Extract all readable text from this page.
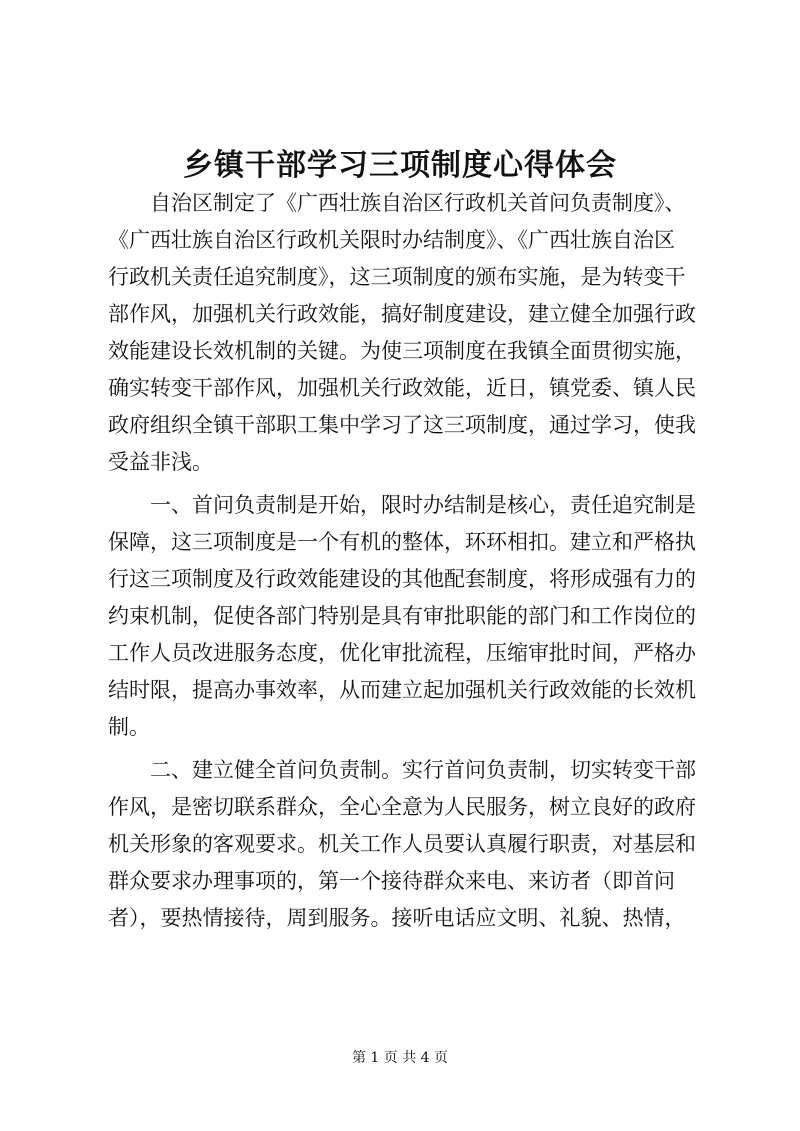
乡镇干部学习三项制度心得体会
自治区制定了《广西壮族自治区行政机关首问负责制度》、
《广西壮族自治区行政机关限时办结制度》、《广西壮族自治区
行政机关责任追究制度》，这三项制度的颁布实施，是为转变干
部作风，加强机关行政效能，搞好制度建设，建立健全加强行政
效能建设长效机制的关键。为使三项制度在我镇全面贯彻实施，
确实转变干部作风，加强机关行政效能，近日，镇党委、镇人民
政府组织全镇干部职工集中学习了这三项制度，通过学习，使我
受益非浅。
一、首问负责制是开始，限时办结制是核心，责任追究制是
保障，这三项制度是一个有机的整体，环环相扣。建立和严格执
行这三项制度及行政效能建设的其他配套制度，将形成强有力的
约束机制，促使各部门特别是具有审批职能的部门和工作岗位的
工作人员改进服务态度，优化审批流程，压缩审批时间，严格办
结时限，提高办事效率，从而建立起加强机关行政效能的长效机
制。
二、建立健全首问负责制。实行首问负责制，切实转变干部
作风，是密切联系群众，全心全意为人民服务，树立良好的政府
机关形象的客观要求。机关工作人员要认真履行职责，对基层和
群众要求办理事项的，第一个接待群众来电、来访者（即首问
者），要热情接待，周到服务。接听电话应文明、礼貌、热情，
第 1 页 共 4 页
